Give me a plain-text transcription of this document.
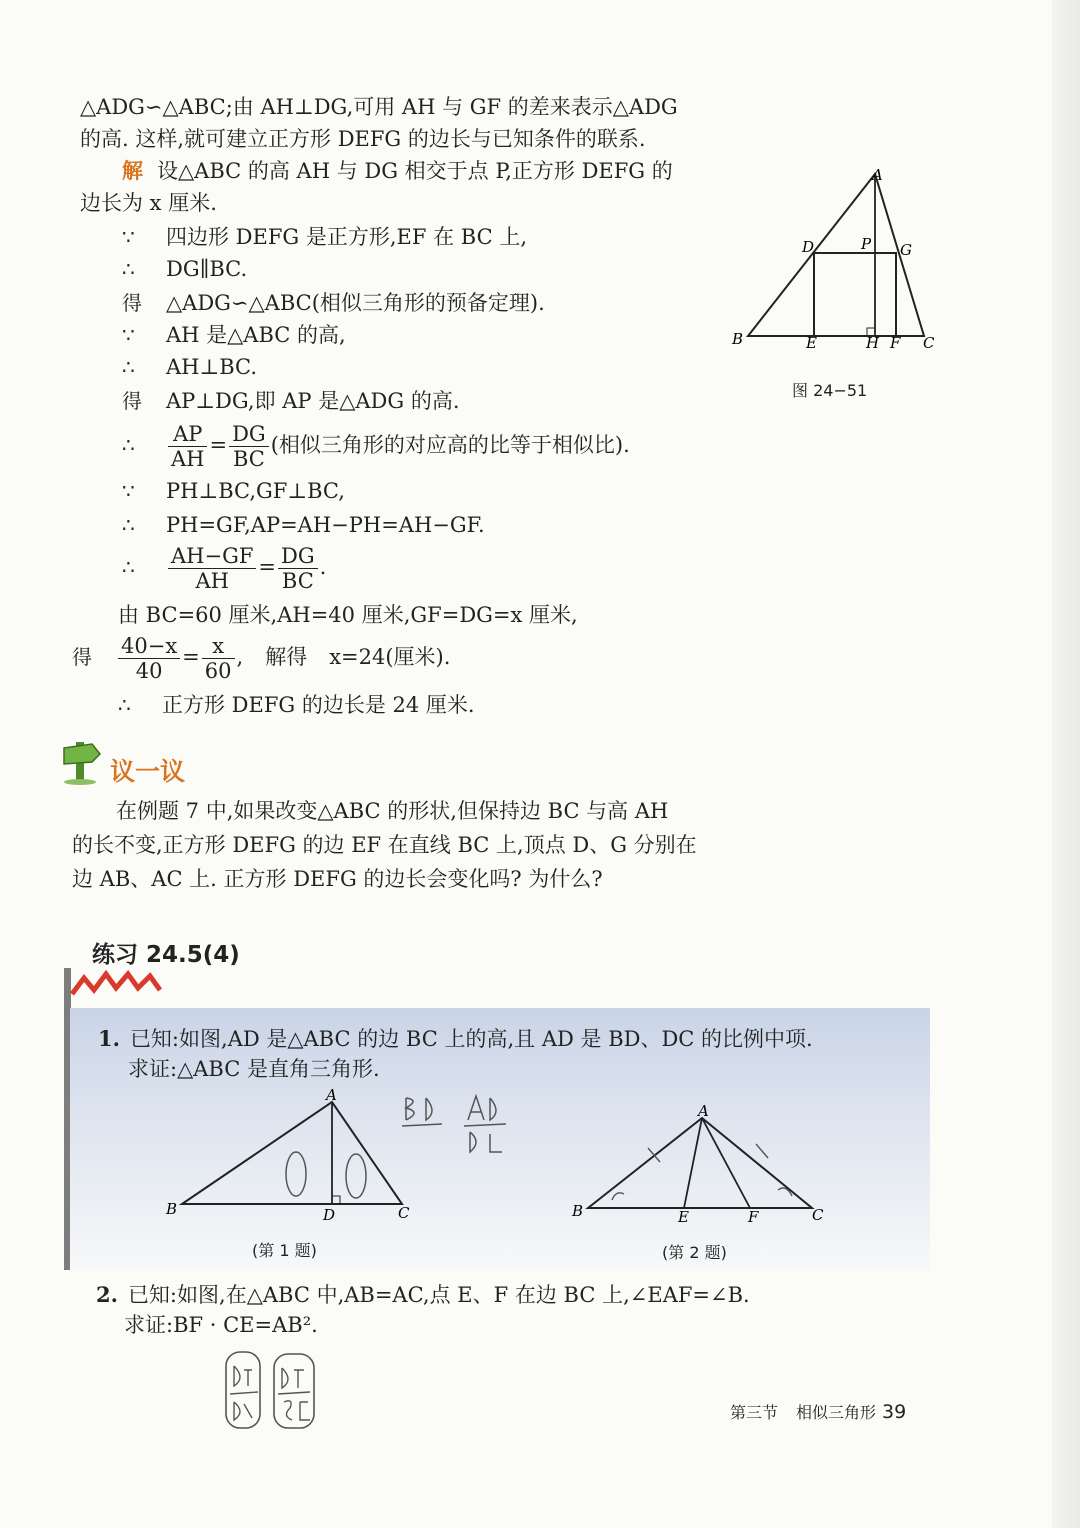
△ADG∽△ABC;由 AH⊥DG,可用 AH 与 GF 的差来表示△ADG
的高. 这样,就可建立正方形 DEFG 的边长与已知条件的联系.
解 设△ABC 的高 AH 与 DG 相交于点 P,正方形 DEFG 的
边长为 x 厘米.
∵ 四边形 DEFG 是正方形,EF 在 BC 上,
∴ DG∥BC.
得 △ADG∽△ABC(相似三角形的预备定理).
∵ AH 是△ABC 的高,
∴ AH⊥BC.
得 AP⊥DG,即 AP 是△ADG 的高.
∴ $\frac{AP}{AH} = \frac{DG}{BC}$ (相似三角形的对应高的比等于相似比).
∵ PH⊥BC,GF⊥BC,
∴ PH=GF,AP=AH−PH=AH−GF.
∴ $\frac{AH-GF}{AH} = \frac{DG}{BC}$ .
由 BC=60 厘米,AH=40 厘米,GF=DG=x 厘米,
得 $\frac{40-x}{40} = \frac{x}{60}$ , 解得 x=24(厘米).
∴ 正方形 DEFG 的边长是 24 厘米.
A
B	C
D
E	F
G
H
P
图 24−51
议一议
在例题 7 中,如果改变△ABC 的形状,但保持边 BC 与高 AH
的长不变,正方形 DEFG 的边 EF 在直线 BC 上,顶点 D、G 分别在
边 AB、AC 上. 正方形 DEFG 的边长会变化吗? 为什么?
练习 24.5(4)
1. 已知:如图,AD 是△ABC 的边 BC 上的高,且 AD 是 BD、DC 的比例中项.
求证:△ABC 是直角三角形.
A
B	C
D
(第 1 题)
A
B	C
E	F
(第 2 题)
2. 已知:如图,在△ABC 中,AB=AC,点 E、F 在边 BC 上,∠EAF=∠B.
求证:BF · CE=AB².
第三节 相似三角形 39
